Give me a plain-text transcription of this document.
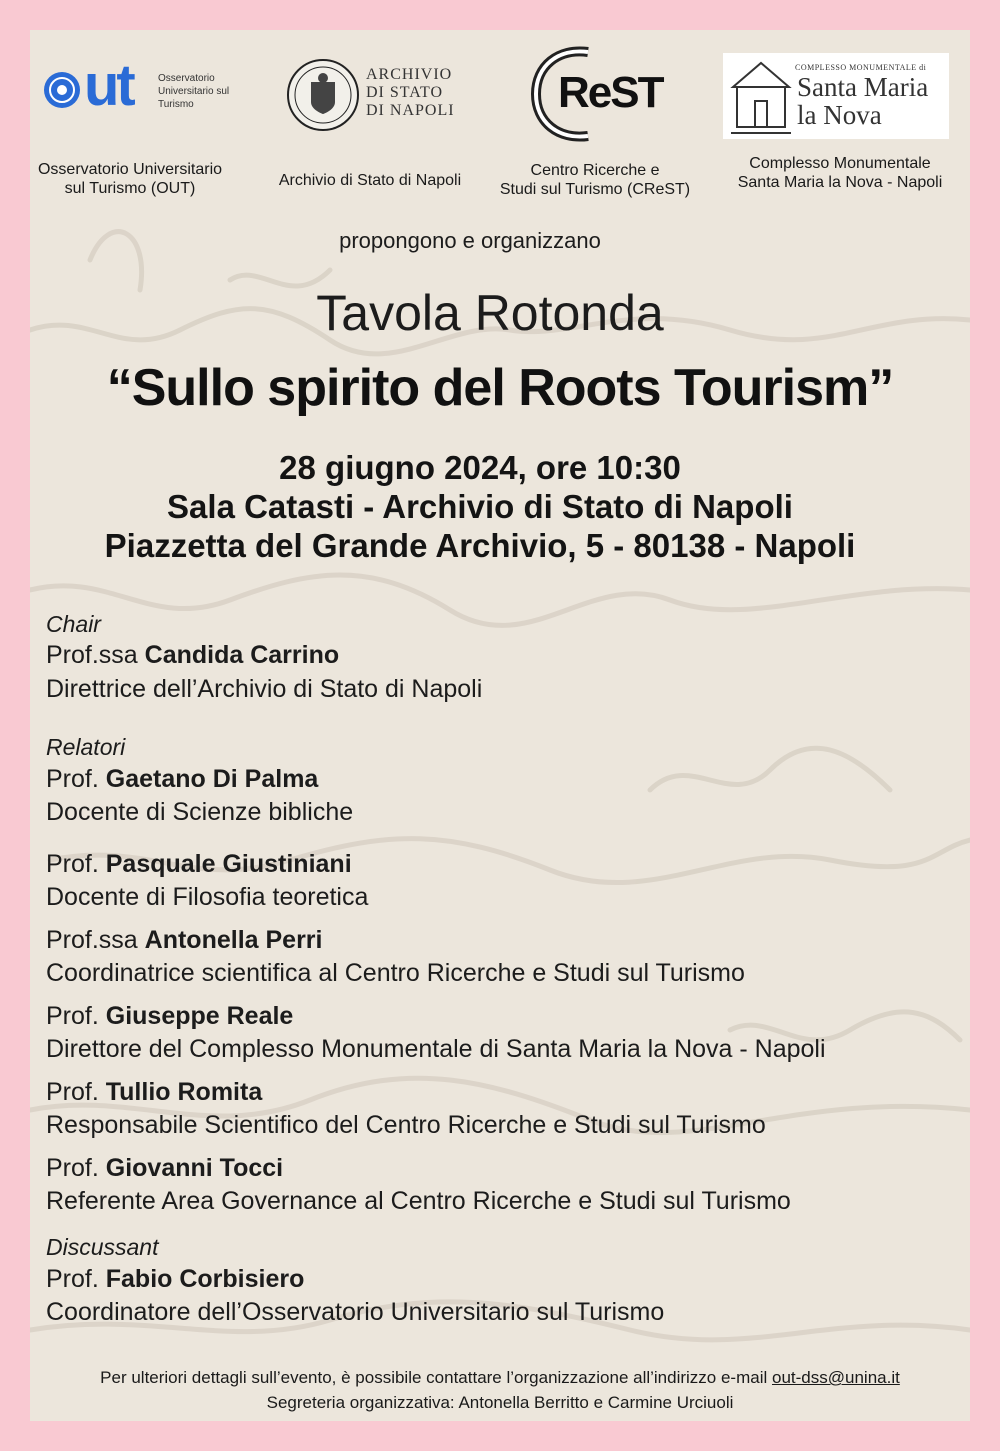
ut	Osservatorio
Universitario sul
Turismo
Osservatorio Universitario
sul Turismo (OUT)
ARCHIVIO
DI STATO
DI NAPOLI
Archivio di Stato di Napoli
ReST
Centro Ricerche e
Studi sul Turismo (CReST)
COMPLESSO MONUMENTALE di
Santa Maria
la Nova
Complesso Monumentale
Santa Maria la Nova - Napoli
propongono e organizzano
Tavola Rotonda
“Sullo spirito del Roots Tourism”
28 giugno 2024, ore 10:30
Sala Catasti - Archivio di Stato di Napoli
Piazzetta del Grande Archivio, 5 - 80138 - Napoli
Chair
Prof.ssa Candida Carrino
Direttrice dell’Archivio di Stato di Napoli
Relatori
Prof. Gaetano Di Palma
Docente di Scienze bibliche
Prof. Pasquale Giustiniani
Docente di Filosofia teoretica
Prof.ssa Antonella Perri
Coordinatrice scientifica al Centro Ricerche e Studi sul Turismo
Prof. Giuseppe Reale
Direttore del Complesso Monumentale di Santa Maria la Nova - Napoli
Prof. Tullio Romita
Responsabile Scientifico del Centro Ricerche e Studi sul Turismo
Prof. Giovanni Tocci
Referente Area Governance al Centro Ricerche e Studi sul Turismo
Discussant
Prof. Fabio Corbisiero
Coordinatore dell’Osservatorio Universitario sul Turismo
Per ulteriori dettagli sull’evento, è possibile contattare l’organizzazione all’indirizzo e-mail out-dss@unina.it
Segreteria organizzativa: Antonella Berritto e Carmine Urciuoli
